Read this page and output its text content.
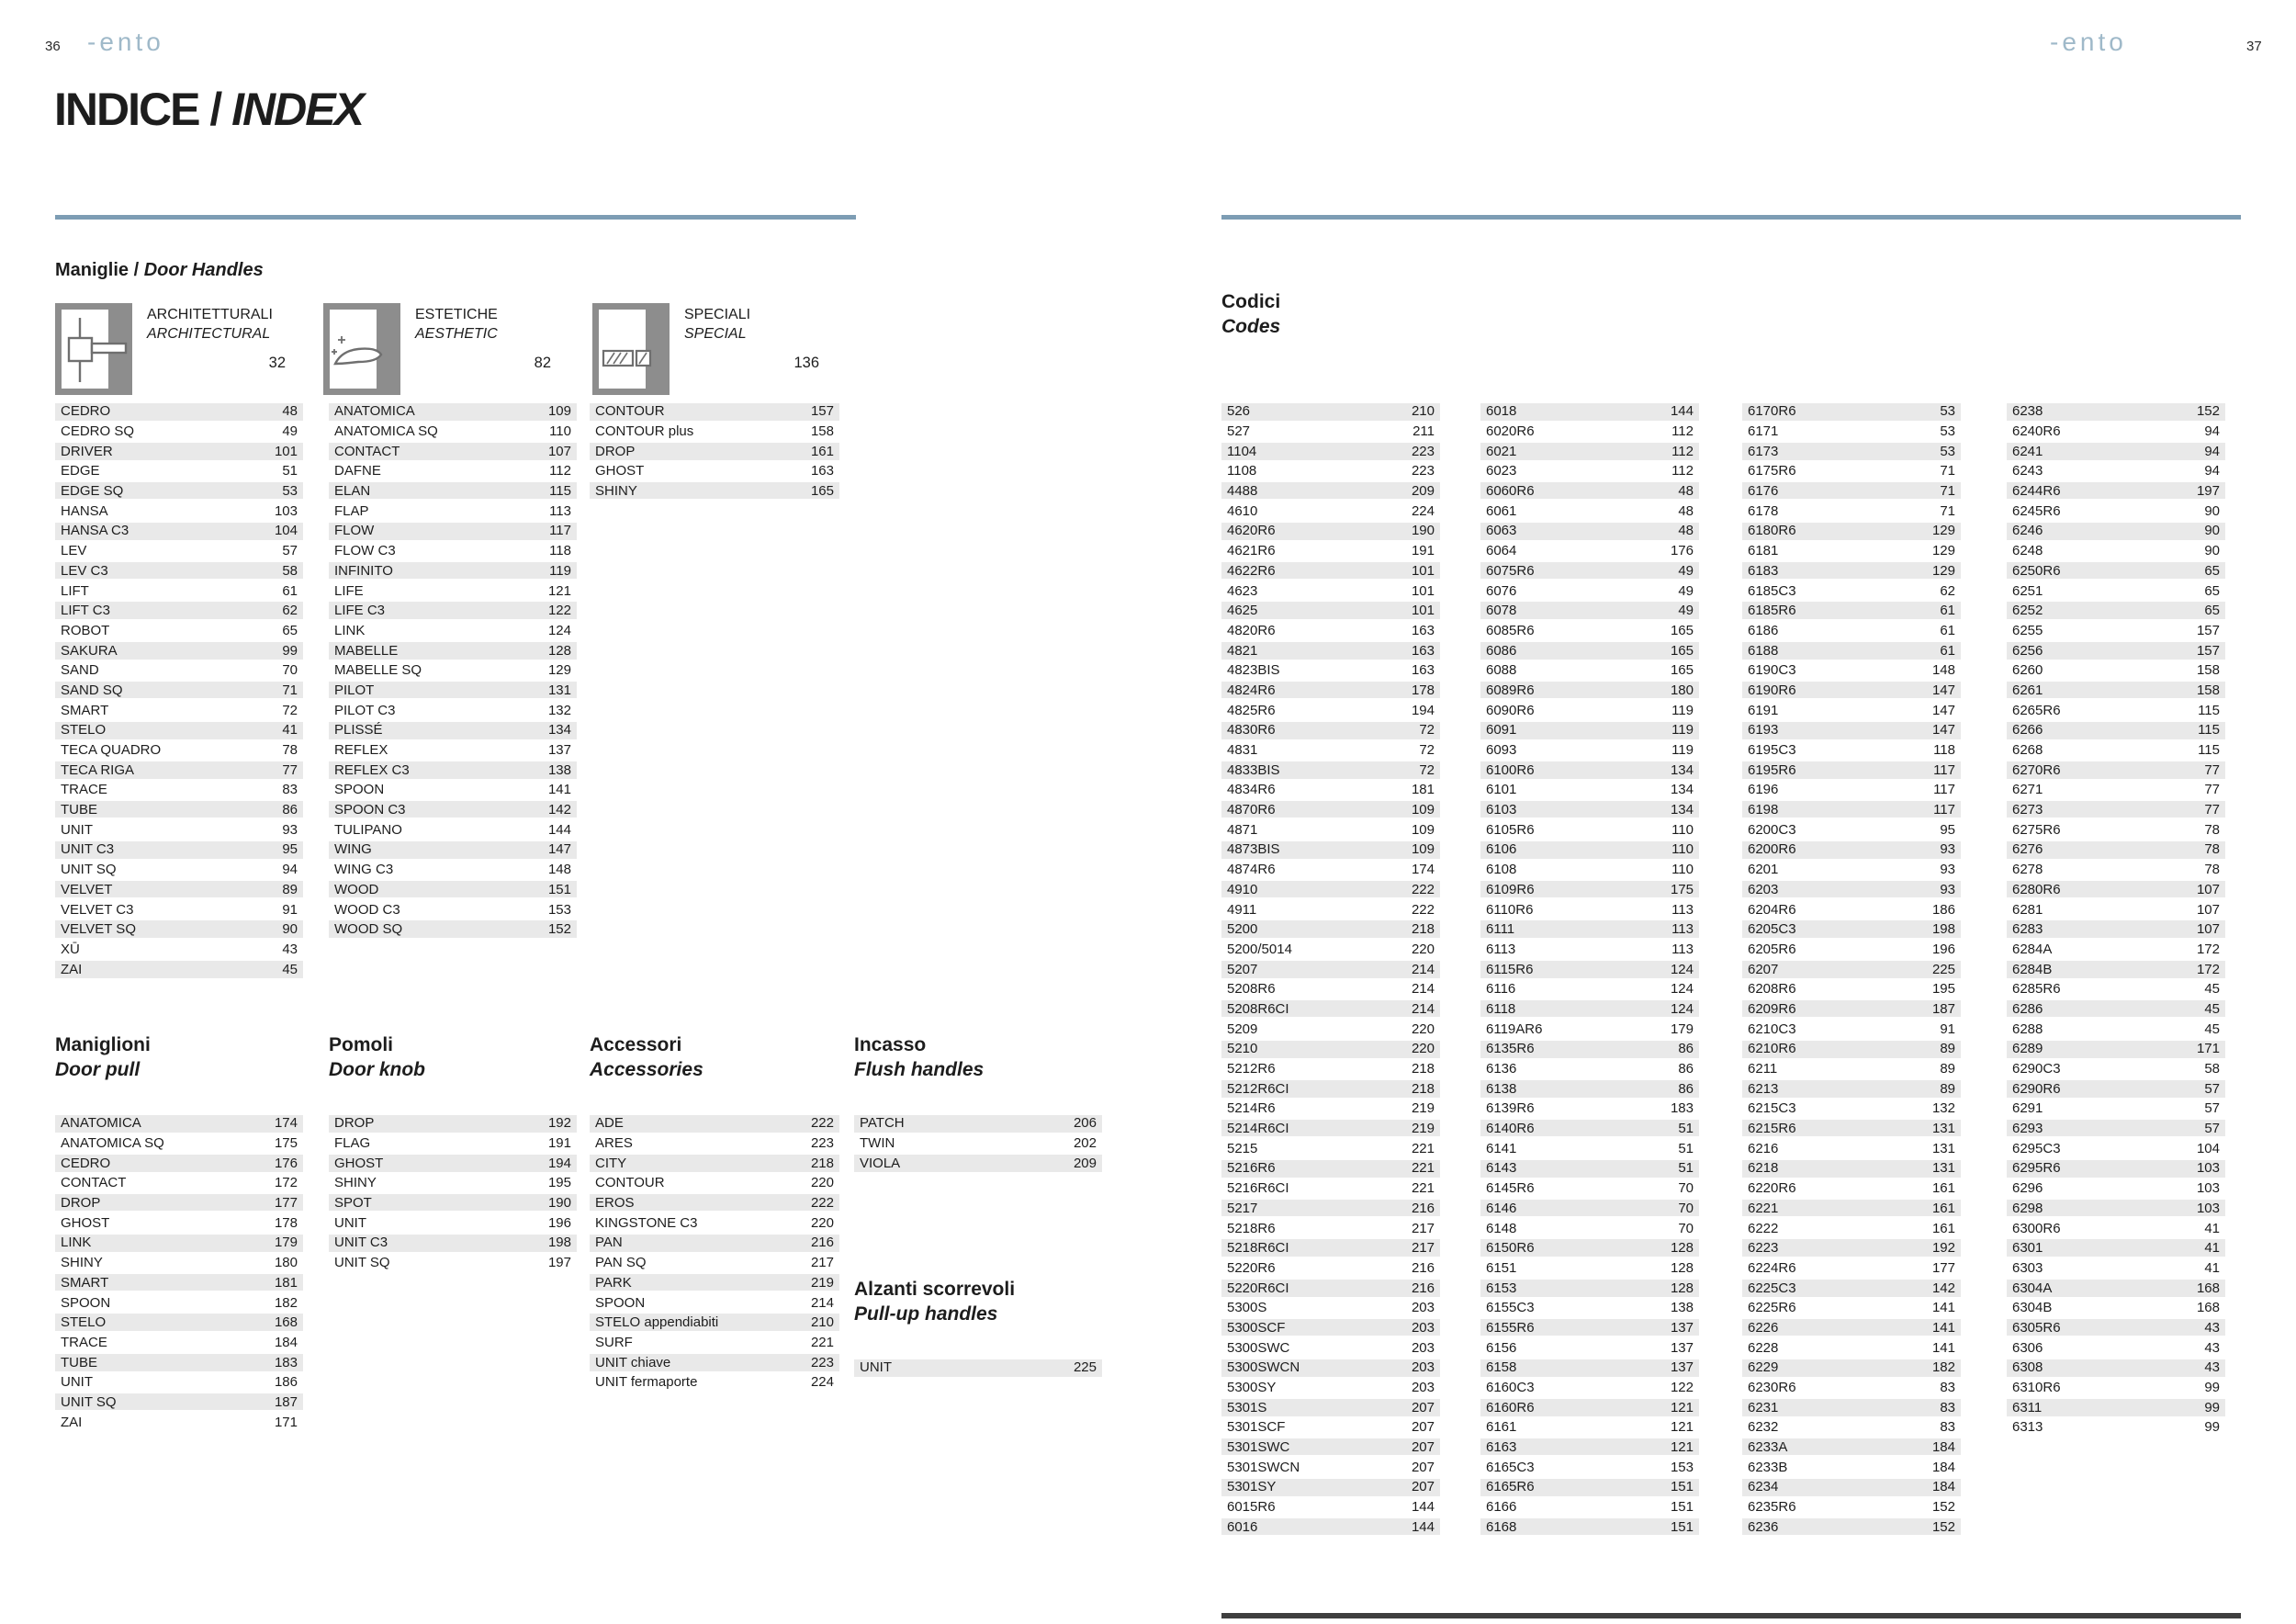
36 -ento	-ento	37
INDICE / INDEX
Maniglie / Door Handles
ARCHITETTURALI
ARCHITECTURAL
32
ESTETICHE
AESTHETIC
82
SPECIALI
SPECIAL
136
CEDRO	48
CEDRO SQ	49
DRIVER	101
EDGE	51
EDGE SQ	53
HANSA	103
HANSA C3	104
LEV	57
LEV C3	58
LIFT	61
LIFT C3	62
ROBOT	65
SAKURA	99
SAND	70
SAND SQ	71
SMART	72
STELO	41
TECA QUADRO	78
TECA RIGA	77
TRACE	83
TUBE	86
UNIT	93
UNIT C3	95
UNIT SQ	94
VELVET	89
VELVET C3	91
VELVET SQ	90
XŪ	43
ZAI	45
ANATOMICA	109
ANATOMICA SQ	110
CONTACT	107
DAFNE	112
ELAN	115
FLAP	113
FLOW	117
FLOW C3	118
INFINITO	119
LIFE	121
LIFE C3	122
LINK	124
MABELLE	128
MABELLE SQ	129
PILOT	131
PILOT C3	132
PLISSÉ	134
REFLEX	137
REFLEX C3	138
SPOON	141
SPOON C3	142
TULIPANO	144
WING	147
WING C3	148
WOOD	151
WOOD C3	153
WOOD SQ	152
CONTOUR	157
CONTOUR plus	158
DROP	161
GHOST	163
SHINY	165
Maniglioni
Door pull
ANATOMICA	174
ANATOMICA SQ	175
CEDRO	176
CONTACT	172
DROP	177
GHOST	178
LINK	179
SHINY	180
SMART	181
SPOON	182
STELO	168
TRACE	184
TUBE	183
UNIT	186
UNIT SQ	187
ZAI	171
Pomoli
Door knob
DROP	192
FLAG	191
GHOST	194
SHINY	195
SPOT	190
UNIT	196
UNIT C3	198
UNIT SQ	197
Accessori
Accessories
ADE	222
ARES	223
CITY	218
CONTOUR	220
EROS	222
KINGSTONE C3	220
PAN	216
PAN SQ	217
PARK	219
SPOON	214
STELO appendiabiti	210
SURF	221
UNIT chiave	223
UNIT fermaporte	224
Incasso
Flush handles
PATCH	206
TWIN	202
VIOLA	209
Alzanti scorrevoli
Pull-up handles
UNIT	225
Codici
Codes
526	210
527	211
1104	223
1108	223
4488	209
4610	224
4620R6	190
4621R6	191
4622R6	101
4623	101
4625	101
4820R6	163
4821	163
4823BIS	163
4824R6	178
4825R6	194
4830R6	72
4831	72
4833BIS	72
4834R6	181
4870R6	109
4871	109
4873BIS	109
4874R6	174
4910	222
4911	222
5200	218
5200/5014	220
5207	214
5208R6	214
5208R6CI	214
5209	220
5210	220
5212R6	218
5212R6CI	218
5214R6	219
5214R6CI	219
5215	221
5216R6	221
5216R6CI	221
5217	216
5218R6	217
5218R6CI	217
5220R6	216
5220R6CI	216
5300S	203
5300SCF	203
5300SWC	203
5300SWCN	203
5300SY	203
5301S	207
5301SCF	207
5301SWC	207
5301SWCN	207
5301SY	207
6015R6	144
6016	144
6018	144
6020R6	112
6021	112
6023	112
6060R6	48
6061	48
6063	48
6064	176
6075R6	49
6076	49
6078	49
6085R6	165
6086	165
6088	165
6089R6	180
6090R6	119
6091	119
6093	119
6100R6	134
6101	134
6103	134
6105R6	110
6106	110
6108	110
6109R6	175
6110R6	113
6111	113
6113	113
6115R6	124
6116	124
6118	124
6119AR6	179
6135R6	86
6136	86
6138	86
6139R6	183
6140R6	51
6141	51
6143	51
6145R6	70
6146	70
6148	70
6150R6	128
6151	128
6153	128
6155C3	138
6155R6	137
6156	137
6158	137
6160C3	122
6160R6	121
6161	121
6163	121
6165C3	153
6165R6	151
6166	151
6168	151
6170R6	53
6171	53
6173	53
6175R6	71
6176	71
6178	71
6180R6	129
6181	129
6183	129
6185C3	62
6185R6	61
6186	61
6188	61
6190C3	148
6190R6	147
6191	147
6193	147
6195C3	118
6195R6	117
6196	117
6198	117
6200C3	95
6200R6	93
6201	93
6203	93
6204R6	186
6205C3	198
6205R6	196
6207	225
6208R6	195
6209R6	187
6210C3	91
6210R6	89
6211	89
6213	89
6215C3	132
6215R6	131
6216	131
6218	131
6220R6	161
6221	161
6222	161
6223	192
6224R6	177
6225C3	142
6225R6	141
6226	141
6228	141
6229	182
6230R6	83
6231	83
6232	83
6233A	184
6233B	184
6234	184
6235R6	152
6236	152
6238	152
6240R6	94
6241	94
6243	94
6244R6	197
6245R6	90
6246	90
6248	90
6250R6	65
6251	65
6252	65
6255	157
6256	157
6260	158
6261	158
6265R6	115
6266	115
6268	115
6270R6	77
6271	77
6273	77
6275R6	78
6276	78
6278	78
6280R6	107
6281	107
6283	107
6284A	172
6284B	172
6285R6	45
6286	45
6288	45
6289	171
6290C3	58
6290R6	57
6291	57
6293	57
6295C3	104
6295R6	103
6296	103
6298	103
6300R6	41
6301	41
6303	41
6304A	168
6304B	168
6305R6	43
6306	43
6308	43
6310R6	99
6311	99
6313	99
